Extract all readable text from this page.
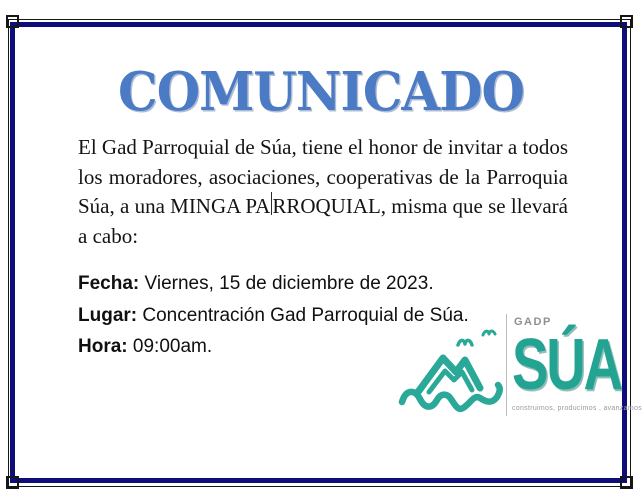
COMUNICADO
El Gad Parroquial de Súa, tiene el honor de invitar a todos
los moradores, asociaciones, cooperativas de la Parroquia
Súa, a una MINGA PA RROQUIAL, misma que se llevará
a cabo:
Fecha: Viernes, 15 de diciembre de 2023.
Lugar: Concentración Gad Parroquial de Súa.
Hora: 09:00am.
GADP
SÚA
construimos, producimos , avanzamos
